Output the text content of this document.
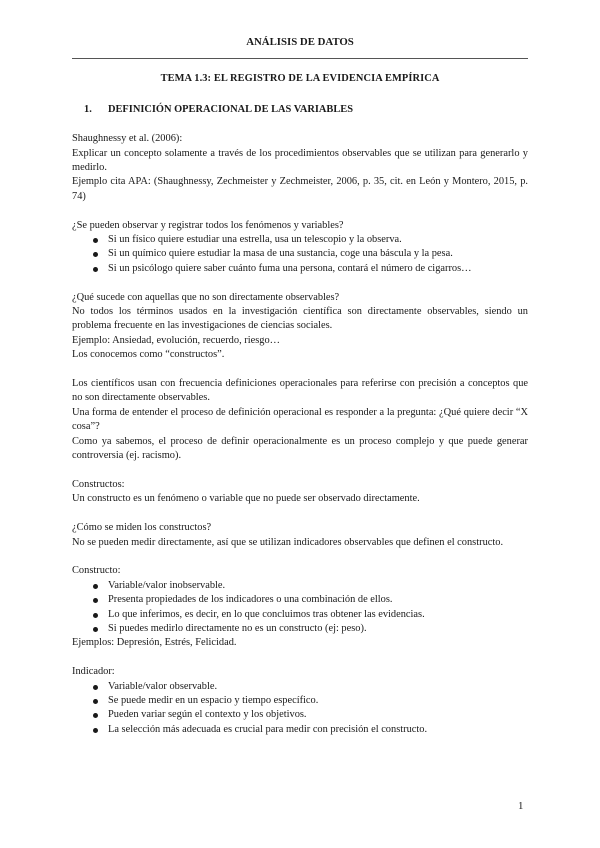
ANÁLISIS DE DATOS
TEMA 1.3: EL REGISTRO DE LA EVIDENCIA EMPÍRICA
1. DEFINICIÓN OPERACIONAL DE LAS VARIABLES

Shaughnessy et al. (2006):

Explicar un concepto solamente a través de los procedimientos observables que se utilizan para generarlo y medirlo.

Ejemplo cita APA: (Shaughnessy, Zechmeister y Zechmeister, 2006, p. 35, cit. en León y Montero, 2015, p. 74)

¿Se pueden observar y registrar todos los fenómenos y variables?

Si un físico quiere estudiar una estrella, usa un telescopio y la observa.
Si un químico quiere estudiar la masa de una sustancia, coge una báscula y la pesa.
Si un psicólogo quiere saber cuánto fuma una persona, contará el número de cigarros…

¿Qué sucede con aquellas que no son directamente observables?

No todos los términos usados en la investigación científica son directamente observables, siendo un problema frecuente en las investigaciones de ciencias sociales.

Ejemplo: Ansiedad, evolución, recuerdo, riesgo…

Los conocemos como “constructos”.

Los científicos usan con frecuencia definiciones operacionales para referirse con precisión a conceptos que no son directamente observables.

Una forma de entender el proceso de definición operacional es responder a la pregunta: ¿Qué quiere decir “X cosa”?

Como ya sabemos, el proceso de definir operacionalmente es un proceso complejo y que puede generar controversia (ej. racismo).

Constructos:

Un constructo es un fenómeno o variable que no puede ser observado directamente.

¿Cómo se miden los constructos?

No se pueden medir directamente, así que se utilizan indicadores observables que definen el constructo.

Constructo:

Variable/valor inobservable.
Presenta propiedades de los indicadores o una combinación de ellos.
Lo que inferimos, es decir, en lo que concluimos tras obtener las evidencias.
Si puedes medirlo directamente no es un constructo (ej: peso).

Ejemplos: Depresión, Estrés, Felicidad.

Indicador:

Variable/valor observable.
Se puede medir en un espacio y tiempo específico.
Pueden variar según el contexto y los objetivos.
La selección más adecuada es crucial para medir con precisión el constructo.
1
